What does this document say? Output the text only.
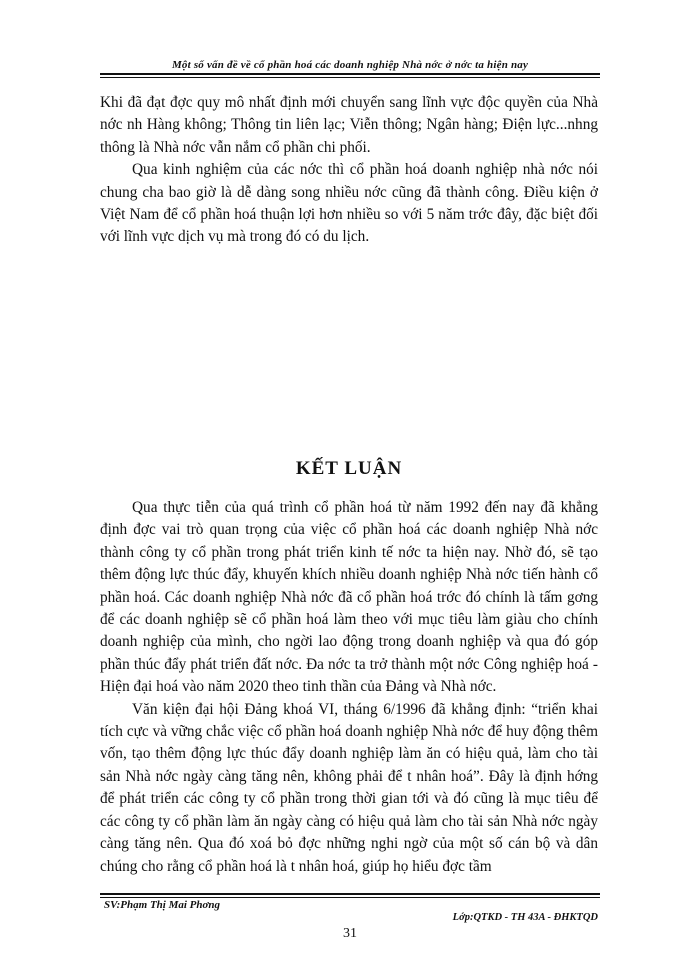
Một số vấn đề về cổ phần hoá các doanh nghiệp Nhà nớc ở nớc ta hiện nay

Khi đã đạt đợc quy mô nhất định mới chuyển sang lĩnh vực độc quyền của Nhà nớc nh Hàng không; Thông tin liên lạc; Viễn thông; Ngân hàng; Điện lực...nhng thông là Nhà nớc vẫn nắm cổ phần chi phối.

Qua kinh nghiệm của các nớc thì cổ phần hoá doanh nghiệp nhà nớc nói chung cha bao giờ là dễ dàng song nhiều nớc cũng đã thành công. Điều kiện ở Việt Nam để cổ phần hoá thuận lợi hơn nhiều so với 5 năm trớc đây, đặc biệt đối với lĩnh vực dịch vụ mà trong đó có du lịch.

KẾT LUẬN

Qua thực tiễn của quá trình cổ phần hoá từ năm 1992 đến nay đã khẳng định đợc vai trò quan trọng của việc cổ phần hoá các doanh nghiệp Nhà nớc thành công ty cổ phần trong phát triển kinh tế nớc ta hiện nay. Nhờ đó, sẽ tạo thêm động lực thúc đẩy, khuyến khích nhiều doanh nghiệp Nhà nớc tiến hành cổ phần hoá. Các doanh nghiệp Nhà nớc đã cổ phần hoá trớc đó chính là tấm gơng để các doanh nghiệp sẽ cổ phần hoá làm theo với mục tiêu làm giàu cho chính doanh nghiệp của mình, cho ngời lao động trong doanh nghiệp và qua đó góp phần thúc đẩy phát triển đất nớc. Đa nớc ta trở thành một nớc Công nghiệp hoá - Hiện đại hoá vào năm 2020 theo tinh thần của Đảng và Nhà nớc.

Văn kiện đại hội Đảng khoá VI, tháng 6/1996 đã khẳng định: “triển khai tích cực và vững chắc việc cổ phần hoá doanh nghiệp Nhà nớc để huy động thêm vốn, tạo thêm động lực thúc đẩy doanh nghiệp làm ăn có hiệu quả, làm cho tài sản Nhà nớc ngày càng tăng nên, không phải để t nhân hoá”. Đây là định hớng để phát triển các công ty cổ phần trong thời gian tới và đó cũng là mục tiêu để các công ty cổ phần làm ăn ngày càng có hiệu quả làm cho tài sản Nhà nớc ngày càng tăng nên. Qua đó xoá bỏ đợc những nghi ngờ của một số cán bộ và dân chúng cho rằng cổ phần hoá là t nhân hoá, giúp họ hiểu đợc tầm

SV:Phạm Thị Mai Phơng
Lớp:QTKD - TH 43A - ĐHKTQD
31
